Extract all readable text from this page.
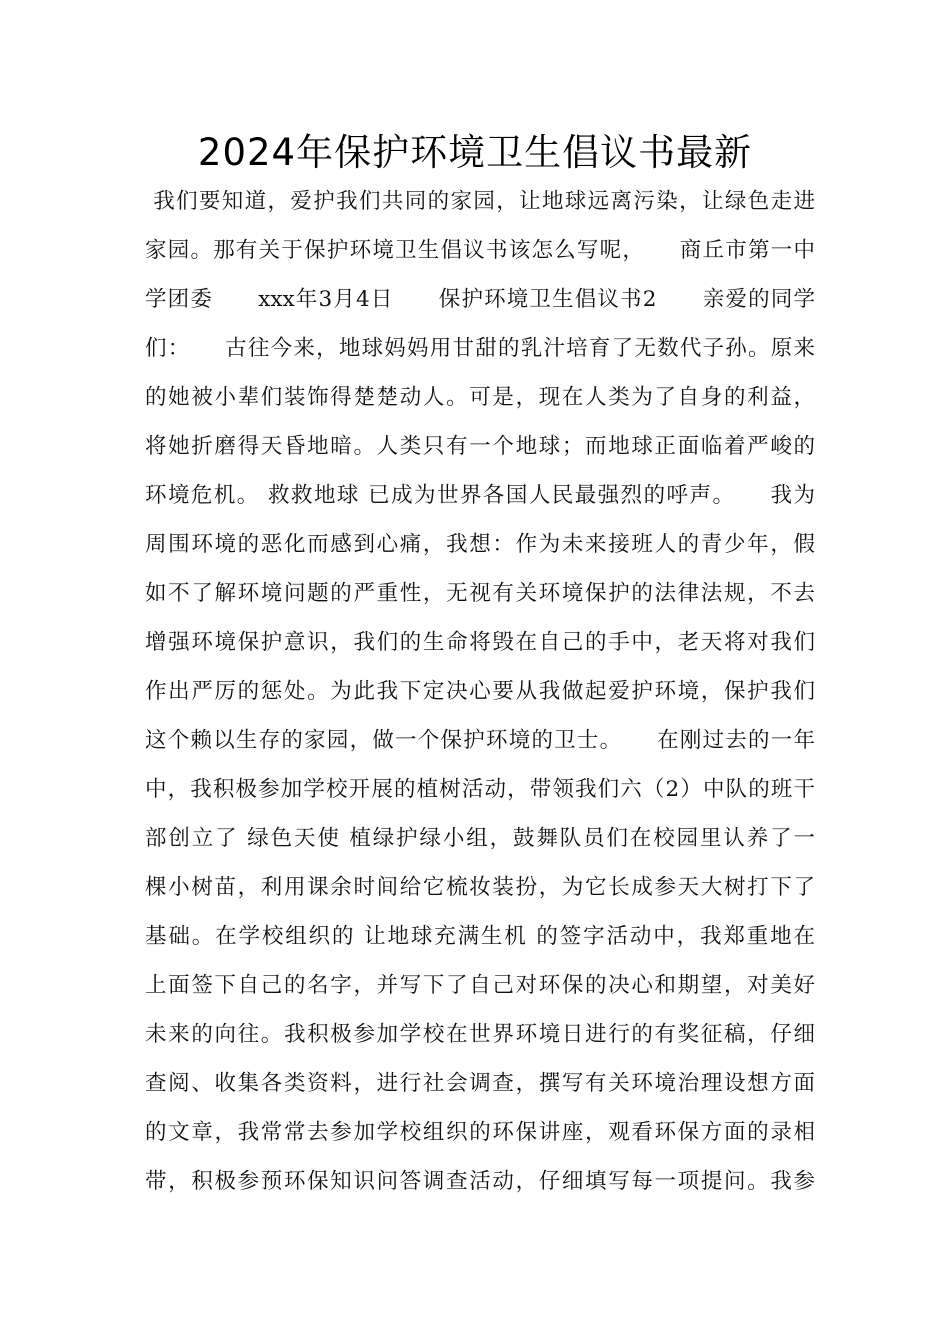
2024年保护环境卫生倡议书最新
我们要知道，爱护我们共同的家园，让地球远离污染，让绿色走进
家园。那有关于保护环境卫生倡议书该怎么写呢，　　商丘市第一中
学团委　　xxx年3月4日　　保护环境卫生倡议书2　　亲爱的同学
们：　　古往今来，地球妈妈用甘甜的乳汁培育了无数代子孙。原来
的她被小辈们装饰得楚楚动人。可是，现在人类为了自身的利益，
将她折磨得天昏地暗。人类只有一个地球；而地球正面临着严峻的
环境危机。 救救地球 已成为世界各国人民最强烈的呼声。　　我为
周围环境的恶化而感到心痛，我想：作为未来接班人的青少年，假
如不了解环境问题的严重性，无视有关环境保护的法律法规，不去
增强环境保护意识，我们的生命将毁在自己的手中，老天将对我们
作出严厉的惩处。为此我下定决心要从我做起爱护环境，保护我们
这个赖以生存的家园，做一个保护环境的卫士。　　在刚过去的一年
中，我积极参加学校开展的植树活动，带领我们六（2）中队的班干
部创立了 绿色天使 植绿护绿小组，鼓舞队员们在校园里认养了一
棵小树苗，利用课余时间给它梳妆装扮，为它长成参天大树打下了
基础。在学校组织的 让地球充满生机 的签字活动中，我郑重地在
上面签下自己的名字，并写下了自己对环保的决心和期望，对美好
未来的向往。我积极参加学校在世界环境日进行的有奖征稿，仔细
查阅、收集各类资料，进行社会调查，撰写有关环境治理设想方面
的文章，我常常去参加学校组织的环保讲座，观看环保方面的录相
带，积极参预环保知识问答调查活动，仔细填写每一项提问。我参
